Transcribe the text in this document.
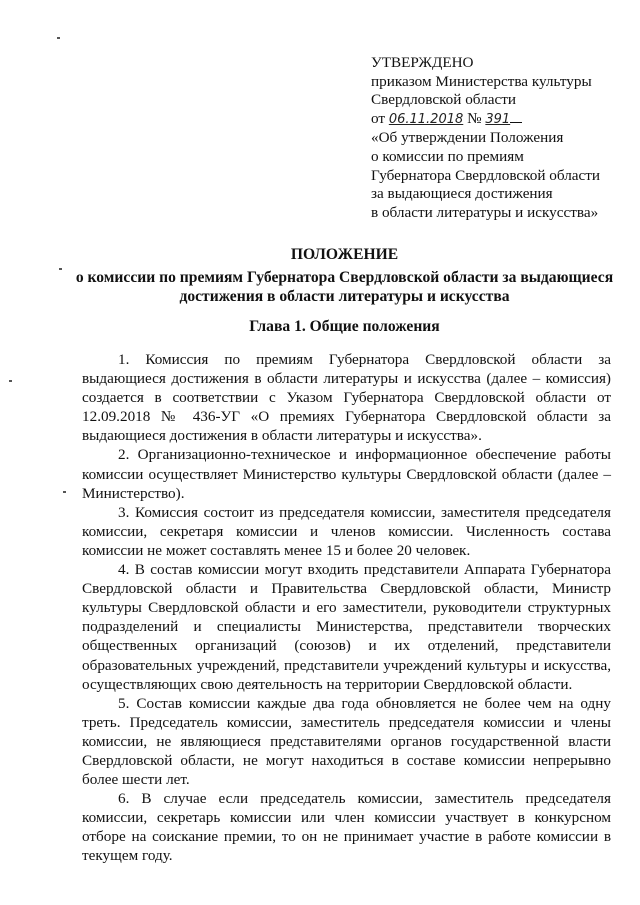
УТВЕРЖДЕНО
приказом Министерства культуры
Свердловской области
от 06.11.2018 № 391
«Об утверждении Положения
о комиссии по премиям
Губернатора Свердловской области
за выдающиеся достижения
в области литературы и искусства»
ПОЛОЖЕНИЕ
о комиссии по премиям Губернатора Свердловской области за выдающиеся
достижения в области литературы и искусства
Глава 1. Общие положения

1. Комиссия по премиям Губернатора Свердловской области за выдающиеся достижения в области литературы и искусства (далее – комиссия) создается в соответствии с Указом Губернатора Свердловской области от 12.09.2018 № 436-УГ «О премиях Губернатора Свердловской области за выдающиеся достижения в области литературы и искусства».

2. Организационно-техническое и информационное обеспечение работы комиссии осуществляет Министерство культуры Свердловской области (далее – Министерство).

3. Комиссия состоит из председателя комиссии, заместителя председателя комиссии, секретаря комиссии и членов комиссии. Численность состава комиссии не может составлять менее 15 и более 20 человек.

4. В состав комиссии могут входить представители Аппарата Губернатора Свердловской области и Правительства Свердловской области, Министр культуры Свердловской области и его заместители, руководители структурных подразделений и специалисты Министерства, представители творческих общественных организаций (союзов) и их отделений, представители образовательных учреждений, представители учреждений культуры и искусства, осуществляющих свою деятельность на территории Свердловской области.

5. Состав комиссии каждые два года обновляется не более чем на одну треть. Председатель комиссии, заместитель председателя комиссии и члены комиссии, не являющиеся представителями органов государственной власти Свердловской области, не могут находиться в составе комиссии непрерывно более шести лет.

6. В случае если председатель комиссии, заместитель председателя комиссии, секретарь комиссии или член комиссии участвует в конкурсном отборе на соискание премии, то он не принимает участие в работе комиссии в текущем году.
